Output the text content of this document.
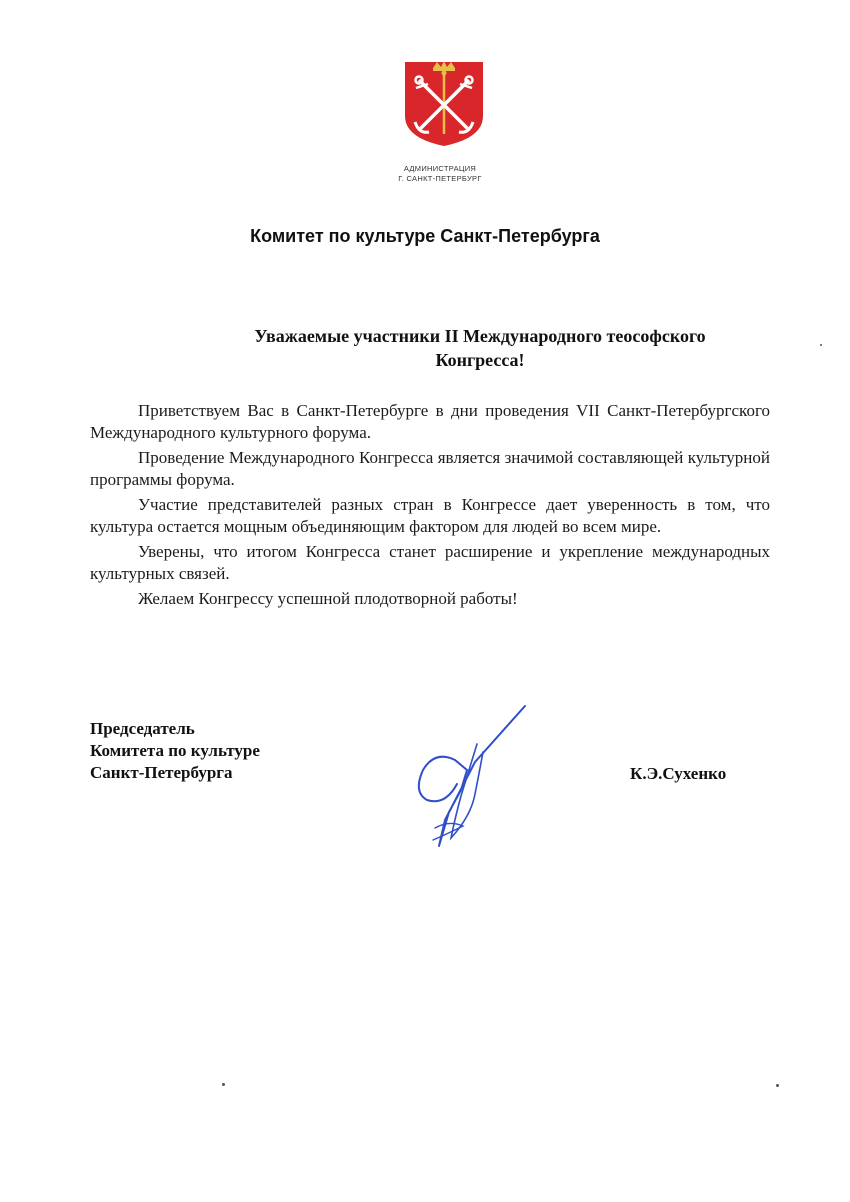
АДМИНИСТРАЦИЯ
Г. САНКТ-ПЕТЕРБУРГ
Комитет по культуре Санкт-Петербурга
Уважаемые участники II Международного теософского
Конгресса!

Приветствуем Вас в Санкт-Петербурге в дни проведения VII Санкт-Петербургского Международного культурного форума.

Проведение Международного Конгресса является значимой составляющей культурной программы форума.

Участие представителей разных стран в Конгрессе дает уверенность в том, что культура остается мощным объединяющим фактором для людей во всем мире.

Уверены, что итогом Конгресса станет расширение и укрепление международных культурных связей.

Желаем Конгрессу успешной плодотворной работы!

Председатель
Комитета по культуре
Санкт-Петербурга	К.Э.Сухенко
